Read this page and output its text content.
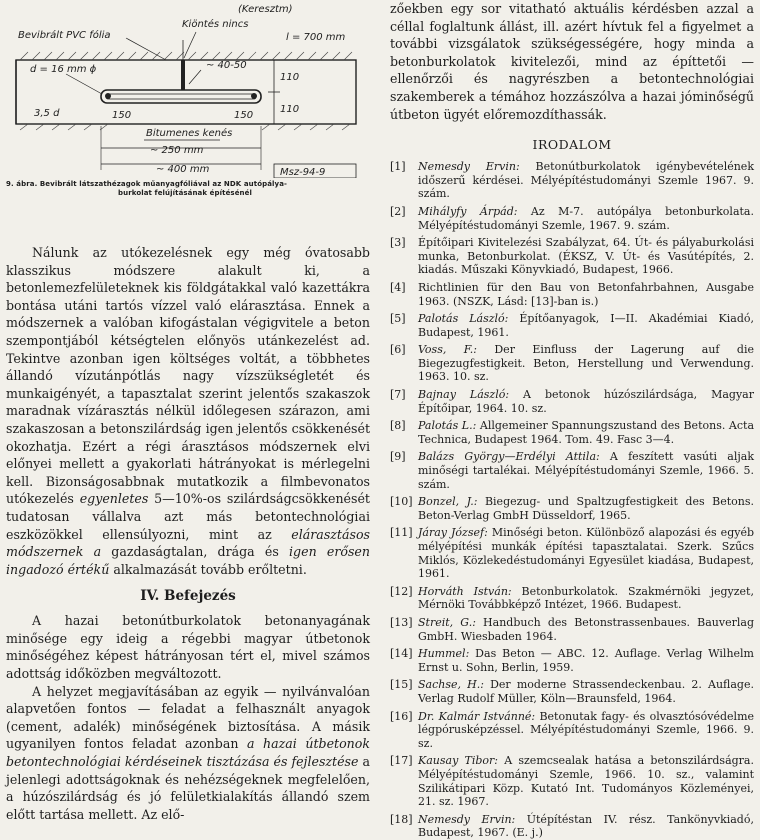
(Keresztm)
Bevibrált PVC fólia
Kiöntés nincs
l = 700 mm
d = 16 mm ϕ	~ 40-50
110
110
3,5 d	150	150
Bitumenes kenés
~ 250 mm
~ 400 mm	Msz-94-9
9. ábra. Bevibrált látszathézagok műanyagfóliával az NDK autópálya-
burkolat felújításának építésénél

Nálunk az utókezelésnek egy még óvatosabb klasszikus módszere alakult ki, a betonlemezfelületeknek kis földgátakkal való kazettákra bontása utáni tartós vízzel való elárasztása. Ennek a módszernek a valóban kifogástalan végigvitele a beton szempontjából kétségtelen előnyös utánkezelést ad. Tekintve azonban igen költséges voltát, a többhetes állandó vízutánpótlás nagy vízszükségletét és munkaigényét, a tapasztalat szerint jelentős szakaszok maradnak vízárasztás nélkül időlegesen szárazon, ami szakaszosan a betonszilárdság igen jelentős csökkenését okozhatja. Ezért a régi árasztásos módszernek elvi előnyei mellett a gyakorlati hátrányokat is mérlegelni kell. Bizonságosabbnak mutatkozik a filmbevonatos utókezelés egyenletes 5—10%-os szilárdságcsökkenését tudatosan vállalva azt más betontechnológiai eszközökkel ellensúlyozni, mint az elárasztásos módszernek a gazdaságtalan, drága és igen erősen ingadozó értékű alkalmazását tovább erőltetni.

IV. Befejezés

A hazai betonútburkolatok betonanyagának minősége egy ideig a régebbi magyar útbetonok minőségéhez képest hátrányosan tért el, mivel számos adottság időközben megváltozott.

A helyzet megjavításában az egyik — nyilvánvalóan alapvetően fontos — feladat a felhasznált anyagok (cement, adalék) minőségének biztosítása. A másik ugyanilyen fontos feladat azonban a hazai útbetonok betontechnológiai kérdéseinek tisztázása és fejlesztése a jelenlegi adottságoknak és nehézségeknek megfelelően, a húzószilárdság és jó felületkialakítás állandó szem előtt tartása mellett. Az elő-

zőekben egy sor vitatható aktuális kérdésben azzal a céllal foglaltunk állást, ill. azért hívtuk fel a figyelmet a további vizsgálatok szükségességére, hogy minda a betonburkolatok kivitelezői, mind az építtetői — ellenőrzői és nagyrészben a betontechnológiai szakemberek a témához hozzászólva a hazai jóminőségű útbeton ügyét előremozdíthassák.

IRODALOM
[1]	Nemesdy Ervin: Betonútburkolatok igénybevételének időszerű kérdései. Mélyépítéstudományi Szemle 1967. 9. szám.
[2]	Mihályfy Árpád: Az M-7. autópálya betonburkolata. Mélyépítéstudományi Szemle, 1967. 9. szám.
[3]	Építőipari Kivitelezési Szabályzat, 64. Út- és pályaburkolási munka, Betonburkolat. (ÉKSZ, V. Út- és Vasútépítés, 2. kiadás. Műszaki Könyvkiadó, Budapest, 1966.
[4]	Richtlinien für den Bau von Betonfahrbahnen, Ausgabe 1963. (NSZK, Lásd: [13]-ban is.)
[5]	Palotás László: Építőanyagok, I—II. Akadémiai Kiadó, Budapest, 1961.
[6]	Voss, F.: Der Einfluss der Lagerung auf die Biegezugfestigkeit. Beton, Herstellung und Verwendung. 1963. 10. sz.
[7]	Bajnay László: A betonok húzószilárdsága, Magyar Építőipar, 1964. 10. sz.
[8]	Palotás L.: Allgemeiner Spannungszustand des Betons. Acta Technica, Budapest 1964. Tom. 49. Fasc 3—4.
[9]	Balázs György—Erdélyi Attila: A feszített vasúti aljak minőségi tartalékai. Mélyépítéstudományi Szemle, 1966. 5. szám.
[10] Bonzel, J.: Biegezug- und Spaltzugfestigkeit des Betons. Beton-Verlag GmbH Düsseldorf, 1965.
[11] Járay József: Minőségi beton. Különböző alapozási és egyéb mélyépítési munkák építési tapasztalatai. Szerk. Szűcs Miklós, Közlekedéstudományi Egyesület kiadása, Budapest, 1961.
[12] Horváth István: Betonburkolatok. Szakmérnöki jegyzet, Mérnöki Továbbképző Intézet, 1966. Budapest.
[13] Streit, G.: Handbuch des Betonstrassenbaues. Bauverlag GmbH. Wiesbaden 1964.
[14] Hummel: Das Beton — ABC. 12. Auflage. Verlag Wilhelm Ernst u. Sohn, Berlin, 1959.
[15] Sachse, H.: Der moderne Strassendeckenbau. 2. Auflage. Verlag Rudolf Müller, Köln—Braunsfeld, 1964.
[16] Dr. Kalmár Istvánné: Betonutak fagy- és olvasztósóvédelme légpórusképzéssel. Mélyépítéstudományi Szemle, 1966. 9. sz.
[17] Kausay Tibor: A szemcsealak hatása a betonszilárdságra. Mélyépítéstudományi Szemle, 1966. 10. sz., valamint Szilikátipari Közp. Kutató Int. Tudományos Közleményei, 21. sz. 1967.
[18] Nemesdy Ervin: Útépítéstan IV. rész. Tankönyvkiadó, Budapest, 1967. (E. j.)
